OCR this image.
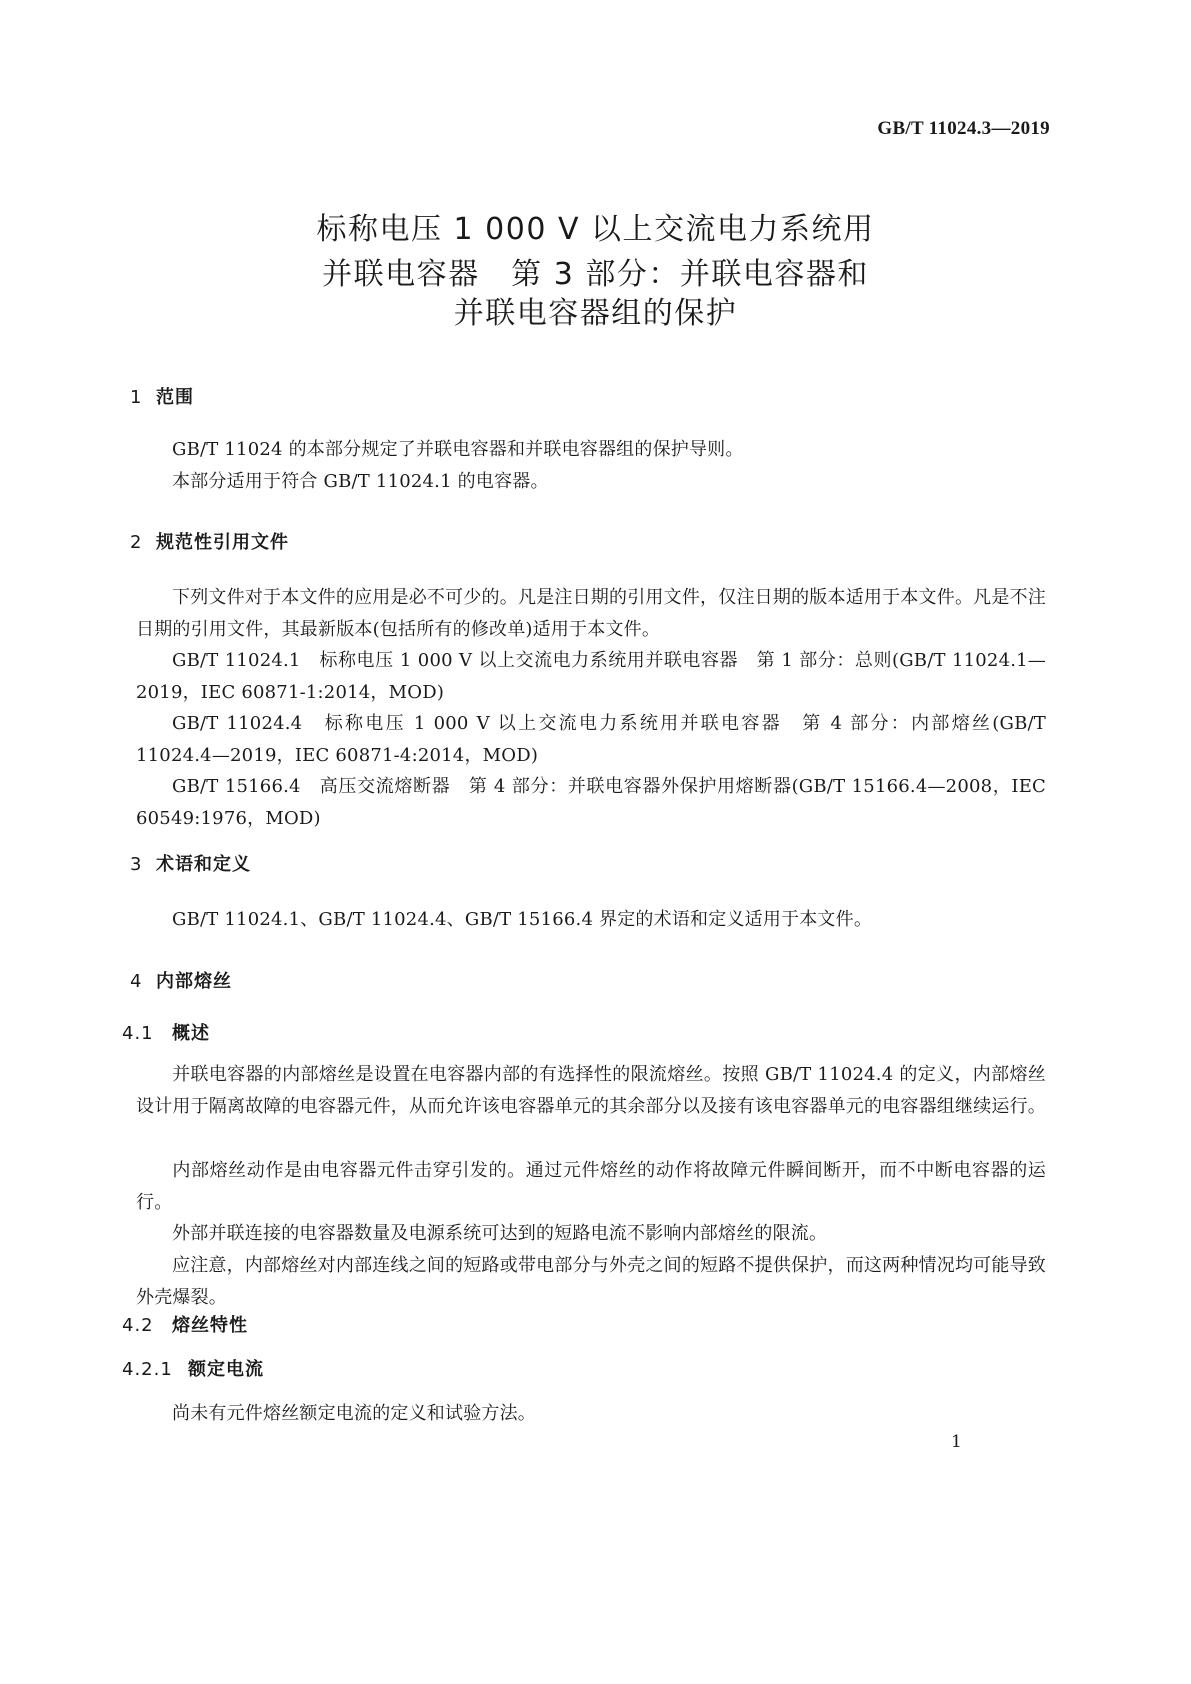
GB/T 11024.3—2019
标称电压 1 000 V 以上交流电力系统用
并联电容器　第 3 部分：并联电容器和
并联电容器组的保护
1 范围
GB/T 11024 的本部分规定了并联电容器和并联电容器组的保护导则。
本部分适用于符合 GB/T 11024.1 的电容器。
2 规范性引用文件
下列文件对于本文件的应用是必不可少的。凡是注日期的引用文件，仅注日期的版本适用于本文件。凡是不注日期的引用文件，其最新版本(包括所有的修改单)适用于本文件。
GB/T 11024.1　标称电压 1 000 V 以上交流电力系统用并联电容器　第 1 部分：总则(GB/T 11024.1—2019，IEC 60871-1:2014，MOD)
GB/T 11024.4　标称电压 1 000 V 以上交流电力系统用并联电容器　第 4 部分：内部熔丝(GB/T 11024.4—2019，IEC 60871-4:2014，MOD)
GB/T 15166.4　高压交流熔断器　第 4 部分：并联电容器外保护用熔断器(GB/T 15166.4—2008，IEC 60549:1976，MOD)
3 术语和定义
GB/T 11024.1、GB/T 11024.4、GB/T 15166.4 界定的术语和定义适用于本文件。
4 内部熔丝
4.1 概述
并联电容器的内部熔丝是设置在电容器内部的有选择性的限流熔丝。按照 GB/T 11024.4 的定义，内部熔丝设计用于隔离故障的电容器元件，从而允许该电容器单元的其余部分以及接有该电容器单元的电容器组继续运行。
内部熔丝动作是由电容器元件击穿引发的。通过元件熔丝的动作将故障元件瞬间断开，而不中断电容器的运行。
外部并联连接的电容器数量及电源系统可达到的短路电流不影响内部熔丝的限流。
应注意，内部熔丝对内部连线之间的短路或带电部分与外壳之间的短路不提供保护，而这两种情况均可能导致外壳爆裂。
4.2 熔丝特性
4.2.1 额定电流
尚未有元件熔丝额定电流的定义和试验方法。
1
